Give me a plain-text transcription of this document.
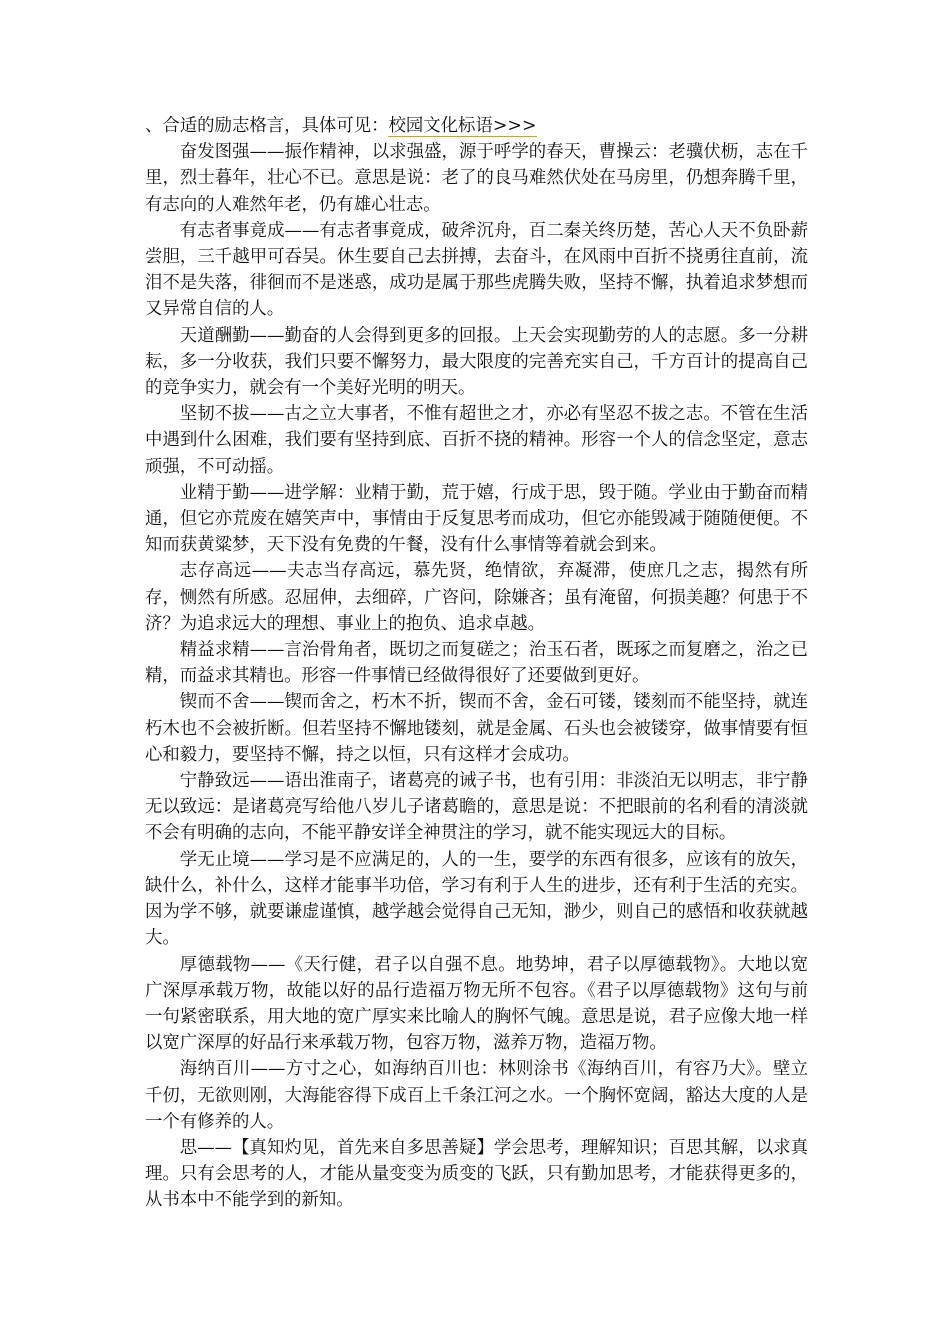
、合适的励志格言，具体可见：校园文化标语>>>

奋发图强——振作精神，以求强盛，源于呼学的春天，曹操云：老骥伏枥，志在千里，烈士暮年，壮心不已。意思是说：老了的良马难然伏处在马房里，仍想奔腾千里，有志向的人难然年老，仍有雄心壮志。

有志者事竟成——有志者事竟成，破斧沉舟，百二秦关终历楚，苦心人天不负卧薪尝胆，三千越甲可吞吴。休生要自己去拼搏，去奋斗，在风雨中百折不挠勇往直前，流泪不是失落，徘徊而不是迷惑，成功是属于那些虎腾失败，坚持不懈，执着追求梦想而又异常自信的人。

天道酬勤——勤奋的人会得到更多的回报。上天会实现勤劳的人的志愿。多一分耕耘，多一分收获，我们只要不懈努力，最大限度的完善充实自己，千方百计的提高自己的竞争实力，就会有一个美好光明的明天。

坚韧不拔——古之立大事者，不惟有超世之才，亦必有坚忍不拔之志。不管在生活中遇到什么困难，我们要有坚持到底、百折不挠的精神。形容一个人的信念坚定，意志顽强，不可动摇。

业精于勤——进学解：业精于勤，荒于嬉，行成于思，毁于随。学业由于勤奋而精通，但它亦荒废在嬉笑声中，事情由于反复思考而成功，但它亦能毁减于随随便便。不知而获黄粱梦，天下没有免费的午餐，没有什么事情等着就会到来。

志存高远——夫志当存高远，慕先贤，绝情欲，弃凝滞，使庶几之志，揭然有所存，恻然有所感。忍屈伸，去细碎，广咨问，除嫌吝；虽有淹留，何损美趣？何患于不济？为追求远大的理想、事业上的抱负、追求卓越。

精益求精——言治骨角者，既切之而复磋之；治玉石者，既琢之而复磨之，治之已精，而益求其精也。形容一件事情已经做得很好了还要做到更好。

锲而不舍——锲而舍之，朽木不折，锲而不舍，金石可镂，镂刻而不能坚持，就连朽木也不会被折断。但若坚持不懈地镂刻，就是金属、石头也会被镂穿，做事情要有恒心和毅力，要坚持不懈，持之以恒，只有这样才会成功。

宁静致远——语出淮南子，诸葛亮的诫子书，也有引用：非淡泊无以明志，非宁静无以致远：是诸葛亮写给他八岁儿子诸葛瞻的，意思是说：不把眼前的名利看的清淡就不会有明确的志向，不能平静安详全神贯注的学习，就不能实现远大的目标。

学无止境——学习是不应满足的，人的一生，要学的东西有很多，应该有的放矢，缺什么，补什么，这样才能事半功倍，学习有利于人生的进步，还有利于生活的充实。因为学不够，就要谦虚谨慎，越学越会觉得自己无知，渺少，则自己的感悟和收获就越大。

厚德载物——《天行健，君子以自强不息。地势坤，君子以厚德载物》。大地以宽广深厚承载万物，故能以好的品行造福万物无所不包容。《君子以厚德载物》这句与前一句紧密联系，用大地的宽广厚实来比喻人的胸怀气魄。意思是说，君子应像大地一样以宽广深厚的好品行来承载万物，包容万物，滋养万物，造福万物。

海纳百川——方寸之心，如海纳百川也：林则涂书《海纳百川，有容乃大》。壁立千仞，无欲则刚，大海能容得下成百上千条江河之水。一个胸怀宽阔，豁达大度的人是一个有修养的人。

思——【真知灼见，首先来自多思善疑】学会思考，理解知识；百思其解，以求真理。只有会思考的人，才能从量变变为质变的飞跃，只有勤加思考，才能获得更多的，从书本中不能学到的新知。
